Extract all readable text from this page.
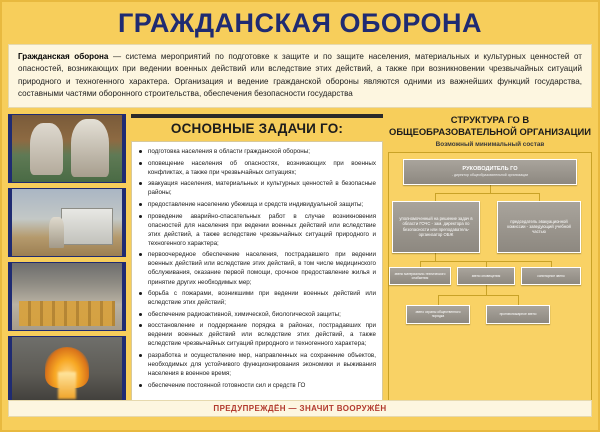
ГРАЖДАНСКАЯ ОБОРОНА
Гражданская оборона — система мероприятий по подготовке к защите и по защите населения, материальных и культурных ценностей от опасностей, возникающих при ведении военных действий или вследствие этих действий, а также при возникновении чрезвычайных ситуаций природного и техногенного характера. Организация и ведение гражданской обороны являются одними из важнейших функций государства, составными частями оборонного строительства, обеспечения безопасности государства
ОСНОВНЫЕ ЗАДАЧИ ГО:
подготовка населения в области гражданской обороны;
оповещение населения об опасностях, возникающих при военных конфликтах, а также при чрезвычайных ситуациях;
эвакуация населения, материальных и культурных ценностей в безопасные районы;
предоставление населению убежища и средств индивидуальной защиты;
проведение аварийно-спасательных работ в случае возникновения опасностей для населения при ведении военных действий или вследствие этих действий, а также вследствие чрезвычайных ситуаций природного и техногенного характера;
первоочередное обеспечение населения, пострадавшего при ведении военных действий или вследствие этих действий, в том числе медицинского обслуживания, оказание первой помощи, срочное предоставление жилья и принятие других необходимых мер;
борьба с пожарами, возникшими при ведении военных действий или вследствие этих действий;
обеспечение радиоактивной, химической, биологической защиты;
восстановление и поддержание порядка в районах, пострадавших при ведении военных действий или вследствие этих действий, а также вследствие чрезвычайных ситуаций природного и техногенного характера;
разработка и осуществление мер, направленных на сохранение объектов, необходимых для устойчивого функционирования экономики и выживания населения в военное время;
обеспечение постоянной готовности сил и средств ГО
СТРУКТУРА ГО В ОБЩЕОБРАЗОВАТЕЛЬНОЙ ОРГАНИЗАЦИИ
Возможный минимальный состав
РУКОВОДИТЕЛЬ ГО
- директор общеобразовательной организации
уполномоченный на решение задач в области ГОЧС - зам. директора по безопасности или преподаватель-организатор ОБЖ
председатель эвакуационной комиссии - заведующий учебной частью
звено материально-технического снабжения
звено оповещения	санитарное звено
звено охраны общественного порядка
противопожарное звено
ПРЕДУПРЕЖДЁН — ЗНАЧИТ ВООРУЖЁН
